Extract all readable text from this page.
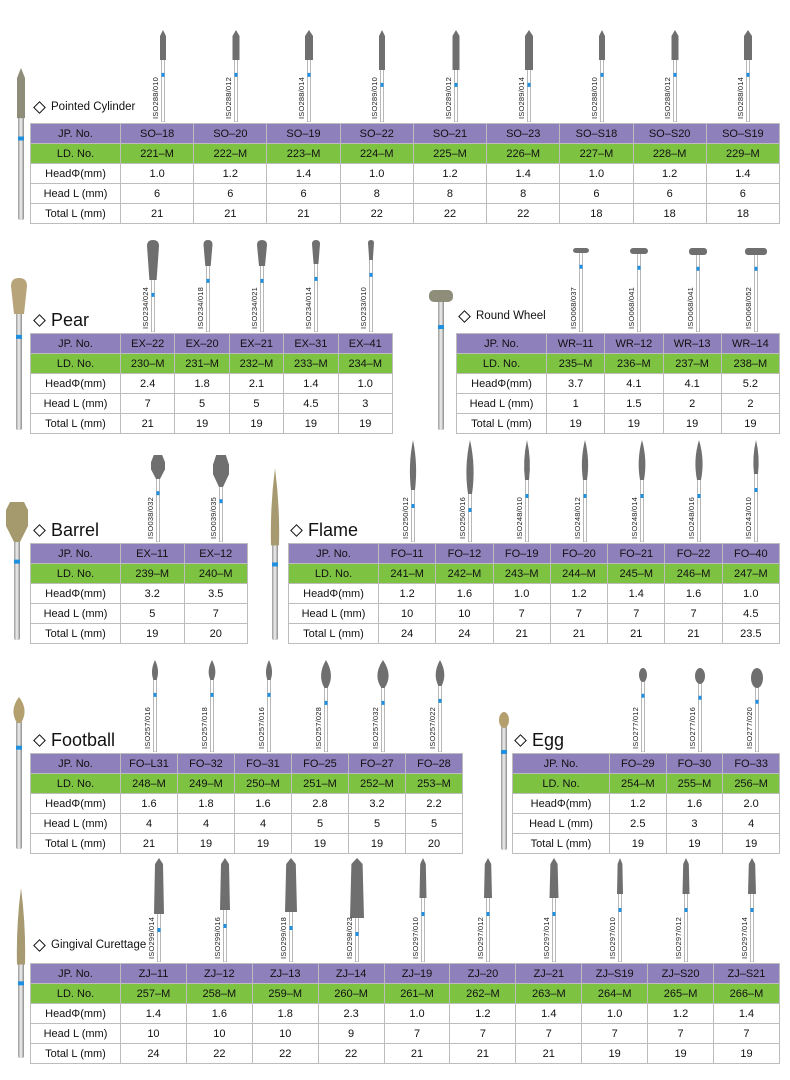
Pointed Cylinder
JP. No.	SO–18	SO–20	SO–19	SO–22	SO–21	SO–23	SO–S18	SO–S20	SO–S19
LD. No.	221–M	222–M	223–M	224–M	225–M	226–M	227–M	228–M	229–M
HeadΦ(mm)	1.0	1.2	1.4	1.0	1.2	1.4	1.0	1.2	1.4
Head L (mm)	6	6	6	8	8	8	6	6	6
Total L (mm)	21	21	21	22	22	22	18	18	18
ISO288/010	ISO288/012	ISO288/014	ISO289/010	ISO289/012	ISO289/014	ISO288/010	ISO288/012	ISO288/014
Pear
JP. No.	EX–22	EX–20	EX–21	EX–31	EX–41
LD. No.	230–M	231–M	232–M	233–M	234–M
HeadΦ(mm)	2.4	1.8	2.1	1.4	1.0
Head L (mm)	7	5	5	4.5	3
Total L (mm)	21	19	19	19	19
ISO234/024	ISO234/018	ISO234/021	ISO234/014	ISO233/010	Round Wheel
JP. No.	WR–11	WR–12	WR–13	WR–14
LD. No.	235–M	236–M	237–M	238–M
HeadΦ(mm)	3.7	4.1	4.1	5.2
Head L (mm)	1	1.5	2	2
Total L (mm)	19	19	19	19
ISO068/037	ISO068/041	ISO068/041	ISO068/052
Barrel
JP. No.	EX–11	EX–12
LD. No.	239–M	240–M
HeadΦ(mm)	3.2	3.5
Head L (mm)	5	7
Total L (mm)	19	20
ISO038/032	ISO039/035	Flame
JP. No.	FO–11	FO–12	FO–19	FO–20	FO–21	FO–22	FO–40
LD. No.	241–M	242–M	243–M	244–M	245–M	246–M	247–M
HeadΦ(mm)	1.2	1.6	1.0	1.2	1.4	1.6	1.0
Head L (mm)	10	10	7	7	7	7	4.5
Total L (mm)	24	24	21	21	21	21	23.5
ISO250/012	ISO250/016	ISO248/010	ISO248/012	ISO248/014	ISO248/016	ISO243/010
Football
JP. No.	FO–L31	FO–32	FO–31	FO–25	FO–27	FO–28
LD. No.	248–M	249–M	250–M	251–M	252–M	253–M
HeadΦ(mm)	1.6	1.8	1.6	2.8	3.2	2.2
Head L (mm)	4	4	4	5	5	5
Total L (mm)	21	19	19	19	19	20
ISO257/016	ISO257/018	ISO257/016	ISO257/028	ISO257/032	ISO257/022	Egg
JP. No.	FO–29	FO–30	FO–33
LD. No.	254–M	255–M	256–M
HeadΦ(mm)	1.2	1.6	2.0
Head L (mm)	2.5	3	4
Total L (mm)	19	19	19
ISO277/012	ISO277/016	ISO277/020
Gingival Curettage
JP. No.	ZJ–11	ZJ–12	ZJ–13	ZJ–14	ZJ–19	ZJ–20	ZJ–21	ZJ–S19	ZJ–S20	ZJ–S21
LD. No.	257–M	258–M	259–M	260–M	261–M	262–M	263–M	264–M	265–M	266–M
HeadΦ(mm)	1.4	1.6	1.8	2.3	1.0	1.2	1.4	1.0	1.2	1.4
Head L (mm)	10	10	10	9	7	7	7	7	7	7
Total L (mm)	24	22	22	22	21	21	21	19	19	19
ISO299/014	ISO299/016	ISO299/018	ISO298/023	ISO297/010	ISO297/012	ISO297/014	ISO297/010	ISO297/012	ISO297/014
